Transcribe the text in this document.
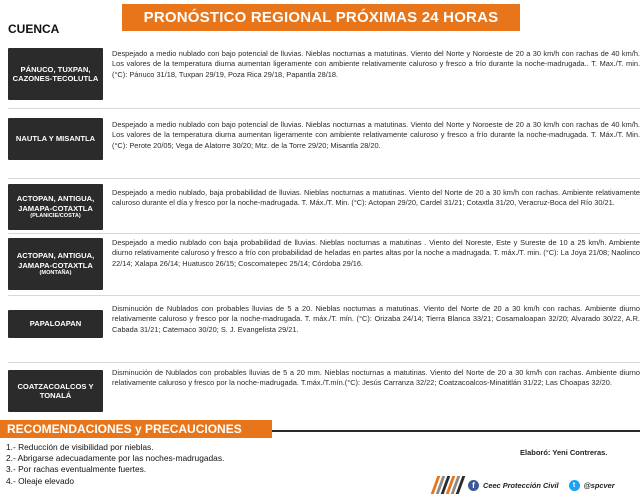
PRONÓSTICO REGIONAL PRÓXIMAS 24 HORAS
CUENCA
PÁNUCO, TUXPAN, CAZONES-TECOLUTLA
Despejado a medio nublado con bajo potencial de lluvias. Nieblas nocturnas a matutinas. Viento del Norte y Noroeste de 20 a 30 km/h con rachas de 40 km/h. Los valores de la temperatura diurna aumentan ligeramente con ambiente relativamente caluroso y fresco a frío durante la noche-madrugada.. T. Max./T. min. (°C): Pánuco 31/18, Tuxpan 29/19, Poza Rica 29/18, Papantla 28/18.
NAUTLA Y MISANTLA
Despejado a medio nublado con bajo potencial de lluvias. Nieblas nocturnas a matutinas. Viento del Norte y Noroeste de 20 a 30 km/h con rachas de 40 km/h. Los valores de la temperatura diurna aumentan ligeramente con ambiente relativamente caluroso y fresco a frío durante la noche-madrugada. T. Máx./T. Min. (°C): Perote 20/05; Vega de Alatorre 30/20; Mtz. de la Torre 29/20; Misantla 28/20.
ACTOPAN, ANTIGUA, JAMAPA-COTAXTLA
(PLANICIE/COSTA)
Despejado a medio nublado, baja probabilidad de lluvias. Nieblas nocturnas a matutinas. Viento del Norte de 20 a 30 km/h con rachas. Ambiente relativamente caluroso durante el día y fresco por la noche-madrugada. T. Máx./T. Min. (°C): Actopan 29/20, Cardel 31/21; Cotaxtla 31/20, Veracruz-Boca del Río 30/21.
ACTOPAN, ANTIGUA, JAMAPA-COTAXTLA
(MONTAÑA)
Despejado a medio nublado con baja probabilidad de lluvias. Nieblas nocturnas a matutinas . Viento del Noreste, Este y Sureste de 10 a 25 km/h. Ambiente diurno relativamente caluroso y fresco a frío con probabilidad de heladas en partes altas por la noche a madrugada. T. máx./T. min. (°C): La Joya 21/08; Naolinco 22/14; Xalapa 26/14; Huatusco 26/15; Coscomatepec 25/14; Córdoba 29/16.
PAPALOAPAN
Disminución de Nublados con probables lluvias de 5 a 20. Nieblas nocturnas a matutinas. Viento del Norte de 20 a 30 km/h con rachas. Ambiente diurno relativamente caluroso y fresco por la noche-madrugada. T. máx./T. mín. (°C): Orizaba 24/14; Tierra Blanca 33/21; Cosamaloapan 32/20; Alvarado 30/22, A.R. Cabada 31/21; Catemaco 30/20; S. J. Evangelista 29/21.
COATZACOALCOS Y TONALÁ
Disminución de Nublados con probables lluvias de 5 a 20 mm. Nieblas nocturnas a matutinas. Viento del Norte de 20 a 30 km/h con rachas. Ambiente diurno relativamente caluroso y fresco por la noche-madrugada. T.máx./T.mín.(°C): Jesús Carranza 32/22; Coatzacoalcos-Minatitlán 31/22; Las Choapas 32/20.
RECOMENDACIONES y PRECAUCIONES
1.- Reducción de visibilidad por nieblas.
2.- Abrigarse adecuadamente por las noches-madrugadas.
3.- Por rachas eventualmente fuertes.
4.- Oleaje elevado
Elaboró: Yeni Contreras.
f	Ceec Protección Civil	t	@spcver
